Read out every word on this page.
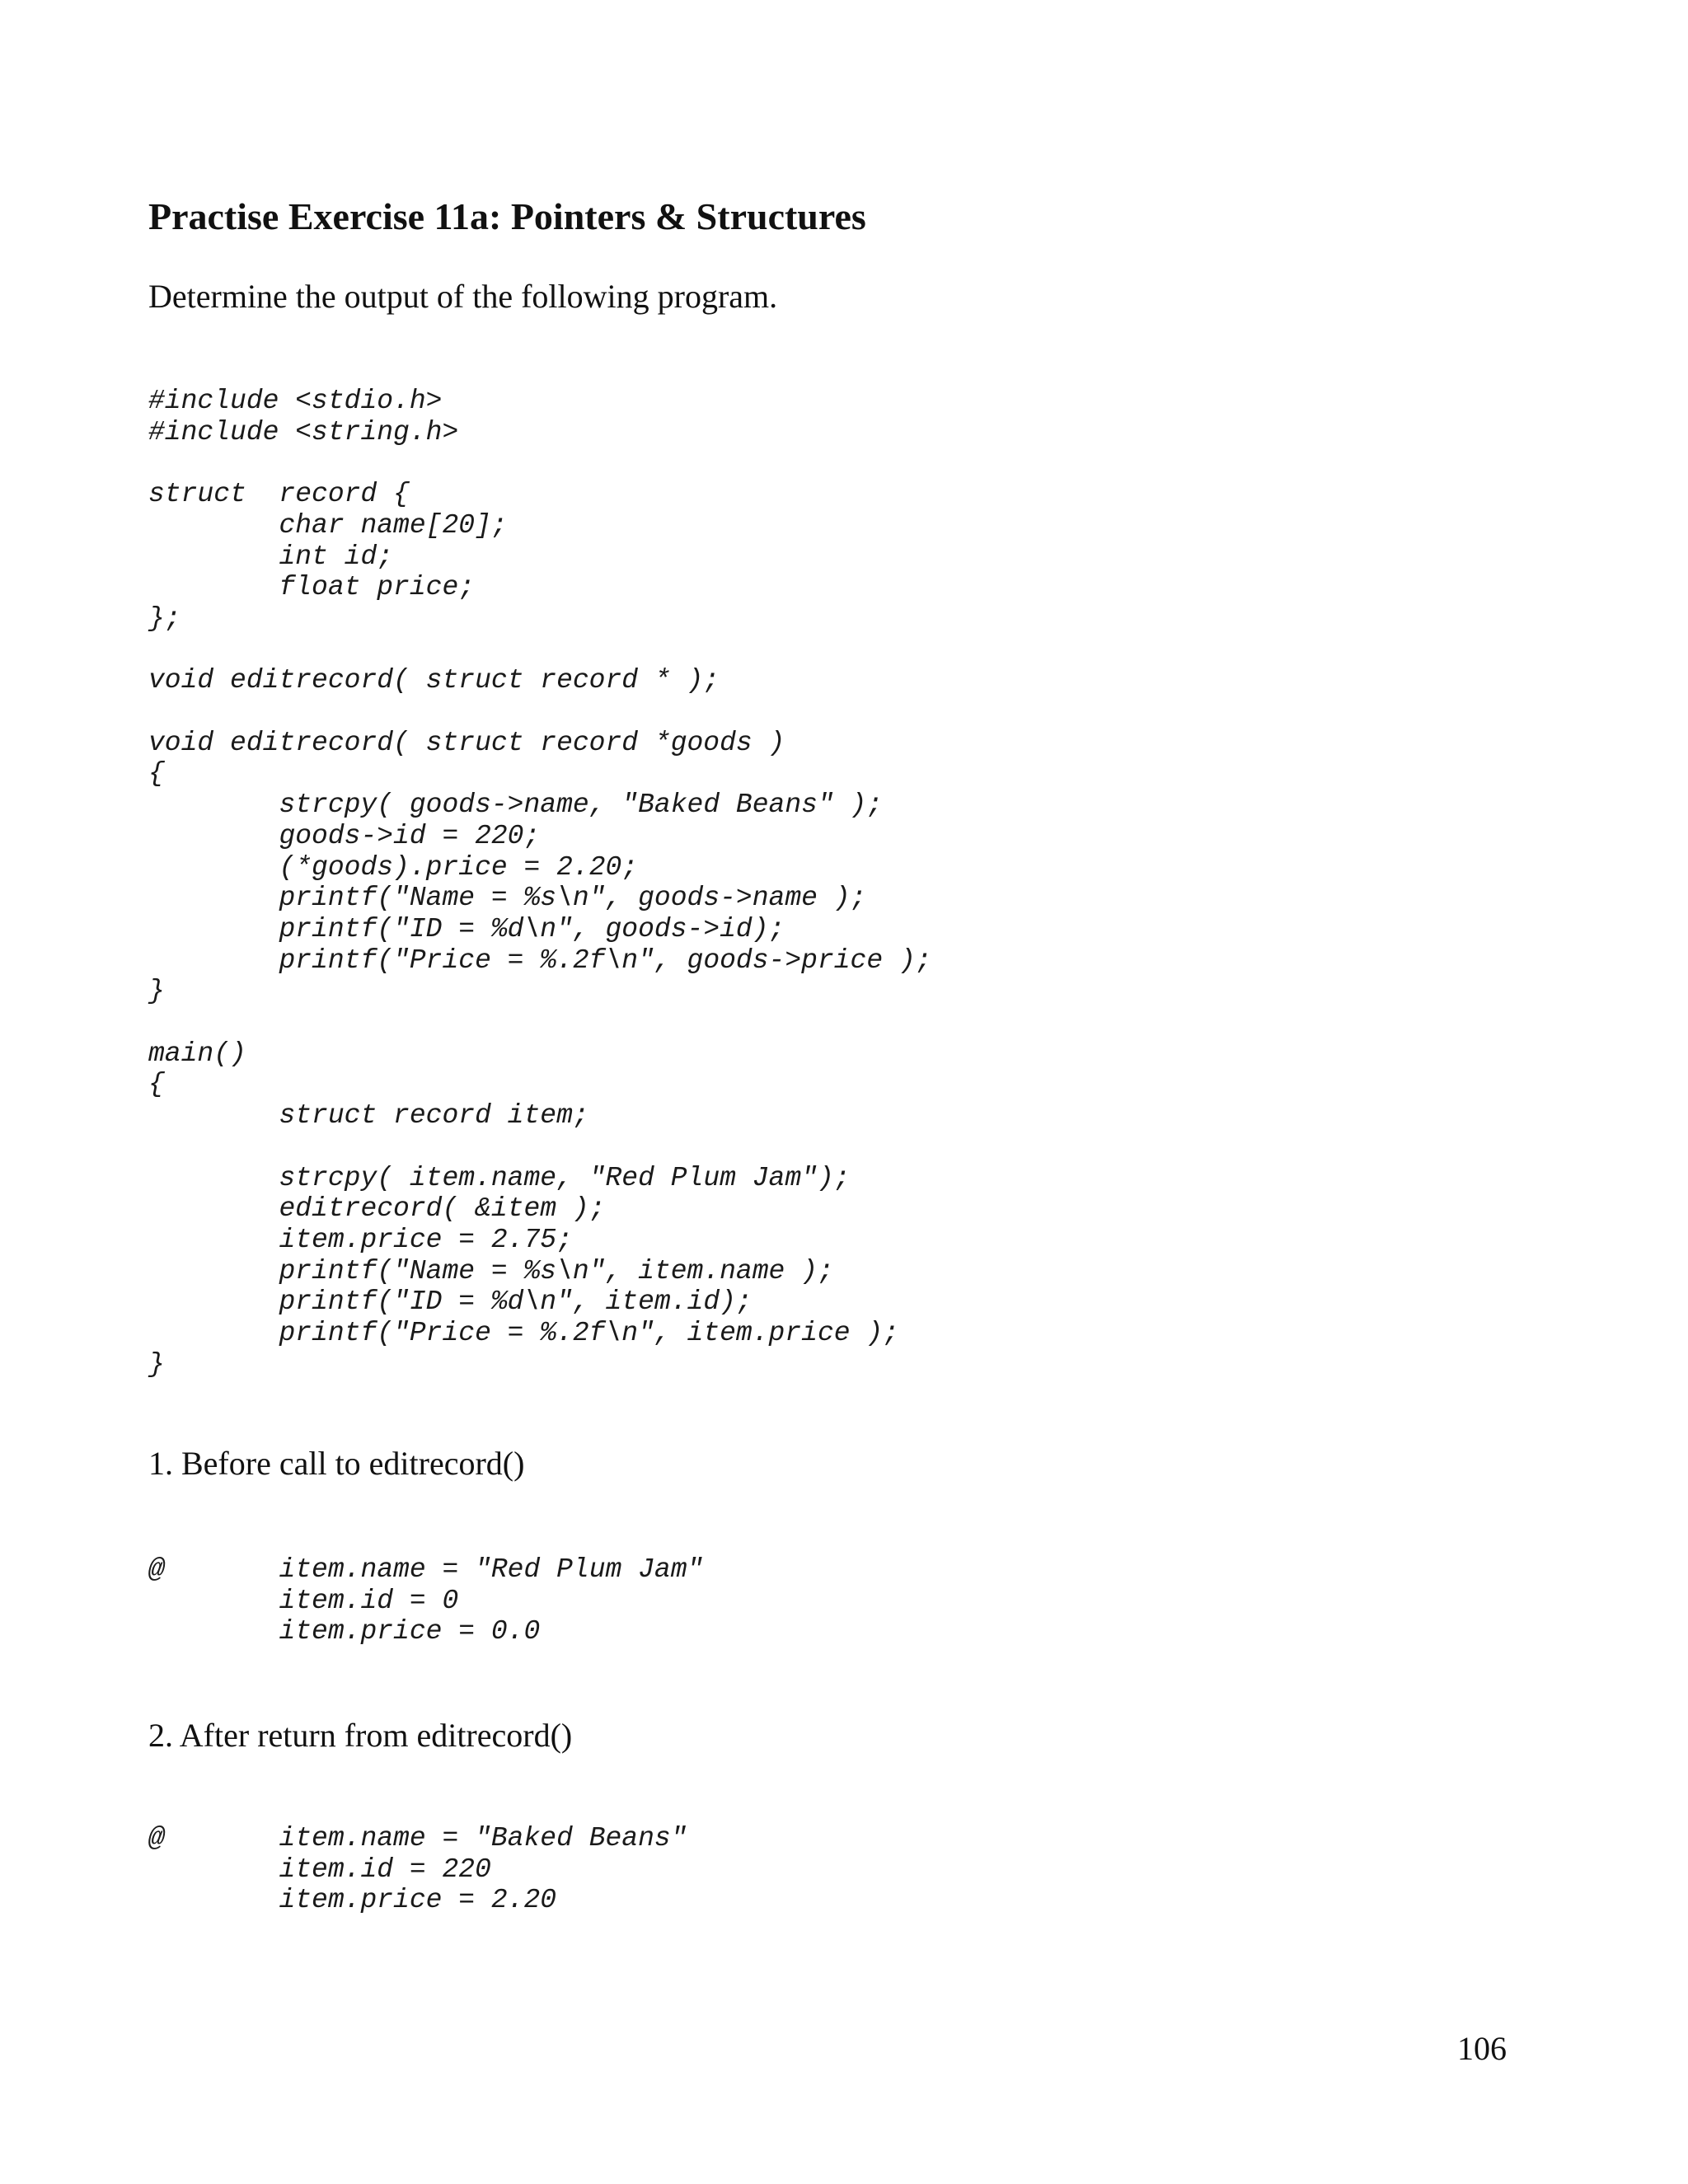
Practise Exercise 11a: Pointers & Structures

Determine the output of the following program.

#include <stdio.h>
#include <string.h>

struct  record {
	char name[20];
	int id;
	float price;
};

void editrecord( struct record * );

void editrecord( struct record *goods )
{
	strcpy( goods->name, "Baked Beans" );
	goods->id = 220;
	(*goods).price = 2.20;
	printf("Name = %s\n", goods->name );
	printf("ID = %d\n", goods->id);
	printf("Price = %.2f\n", goods->price );
}

main()
{
	struct record item;

	strcpy( item.name, "Red Plum Jam");
	editrecord( &item );
	item.price = 2.75;
	printf("Name = %s\n", item.name );
	printf("ID = %d\n", item.id);
	printf("Price = %.2f\n", item.price );
}

1. Before call to editrecord()

@	item.name = "Red Plum Jam"
	item.id = 0
	item.price = 0.0

2. After return from editrecord()

@	item.name = "Baked Beans"
	item.id = 220
	item.price = 2.20

106
